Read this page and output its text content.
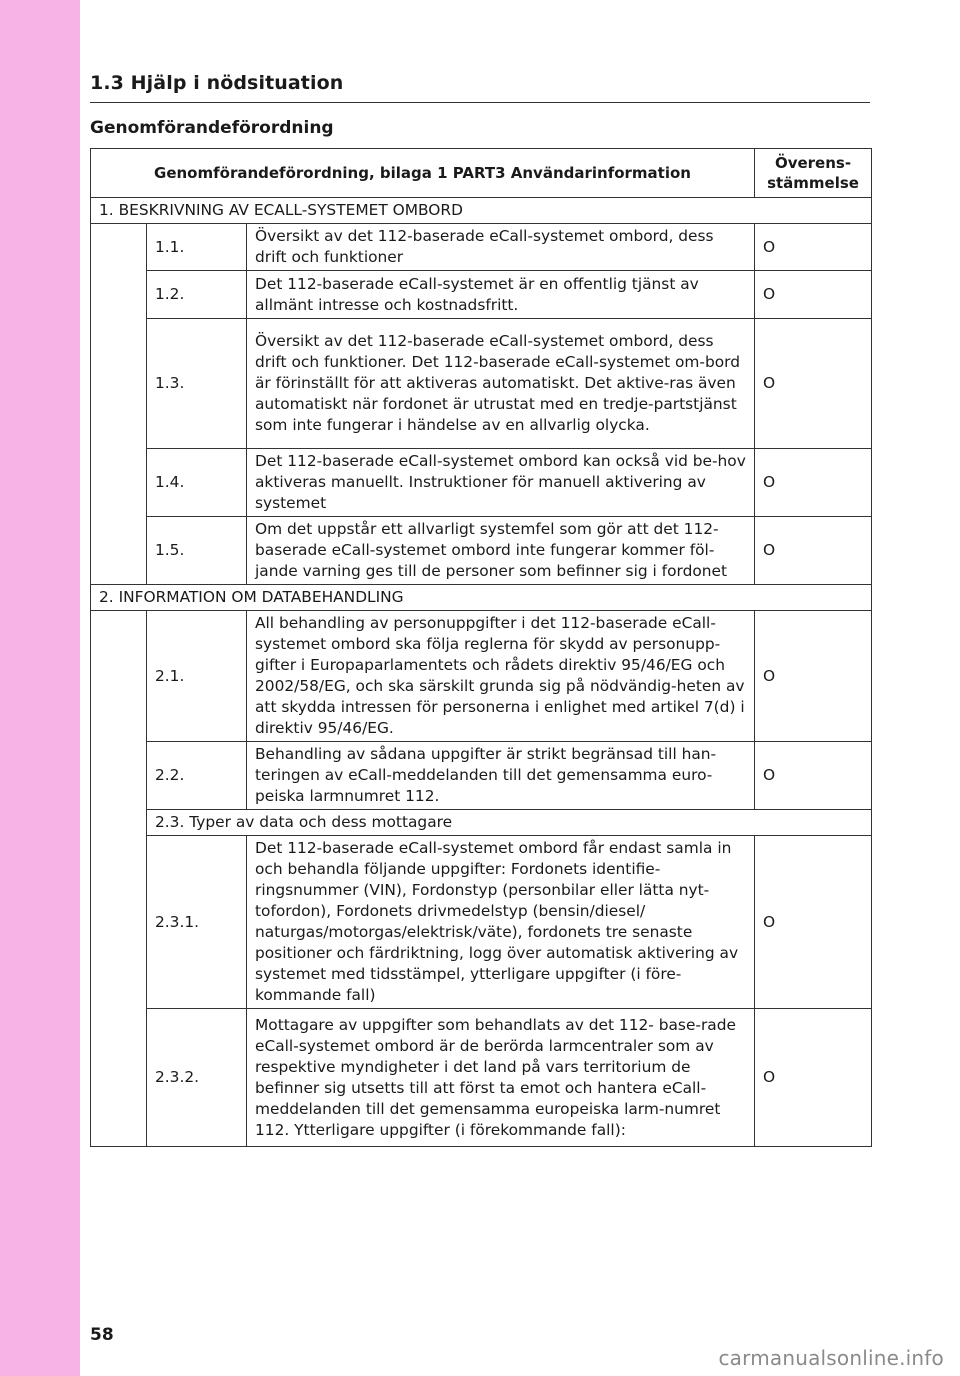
1.3 Hjälp i nödsituation
Genomförandeförordning
Genomförandeförordning, bilaga 1 PART3 Användarinformation			Överens-
stämmelse
1. BESKRIVNING AV ECALL-SYSTEMET OMBORD			
	1.1.	Översikt av det 112-baserade eCall-systemet ombord, dess drift och funktioner	O
	1.2.	Det 112-baserade eCall-systemet är en offentlig tjänst av allmänt intresse och kostnadsfritt.	O
	1.3.	Översikt av det 112-baserade eCall-systemet ombord, dess drift och funktioner. Det 112-baserade eCall-systemet om-bord är förinställt för att aktiveras automatiskt. Det aktive-ras även automatiskt när fordonet är utrustat med en tredje-partstjänst som inte fungerar i händelse av en allvarlig olycka.	O
	1.4.	Det 112-baserade eCall-systemet ombord kan också vid be-hov aktiveras manuellt. Instruktioner för manuell aktivering av systemet	O
	1.5.	Om det uppstår ett allvarligt systemfel som gör att det 112-baserade eCall-systemet ombord inte fungerar kommer föl-jande varning ges till de personer som befinner sig i fordonet	O
2. INFORMATION OM DATABEHANDLING			
	2.1.	All behandling av personuppgifter i det 112-baserade eCall-systemet ombord ska följa reglerna för skydd av personupp-gifter i Europaparlamentets och rådets direktiv 95/46/EG och 2002/58/EG, och ska särskilt grunda sig på nödvändig-heten av att skydda intressen för personerna i enlighet med artikel 7(d) i direktiv 95/46/EG.	O
	2.2.	Behandling av sådana uppgifter är strikt begränsad till han-teringen av eCall-meddelanden till det gemensamma euro-peiska larmnumret 112.	O
	2.3. Typer av data och dess mottagare		
	2.3.1.	Det 112-baserade eCall-systemet ombord får endast samla in och behandla följande uppgifter: Fordonets identifie-ringsnummer (VIN), Fordonstyp (personbilar eller lätta nyt-tofordon), Fordonets drivmedelstyp (bensin/diesel/ naturgas/motorgas/elektrisk/väte), fordonets tre senaste positioner och färdriktning, logg över automatisk aktivering av systemet med tidsstämpel, ytterligare uppgifter (i före-kommande fall)	O
	2.3.2.	Mottagare av uppgifter som behandlats av det 112- base-rade eCall-systemet ombord är de berörda larmcentraler som av respektive myndigheter i det land på vars territorium de befinner sig utsetts till att först ta emot och hantera eCall-meddelanden till det gemensamma europeiska larm-numret 112. Ytterligare uppgifter (i förekommande fall):	O
58
carmanualsonline.info
